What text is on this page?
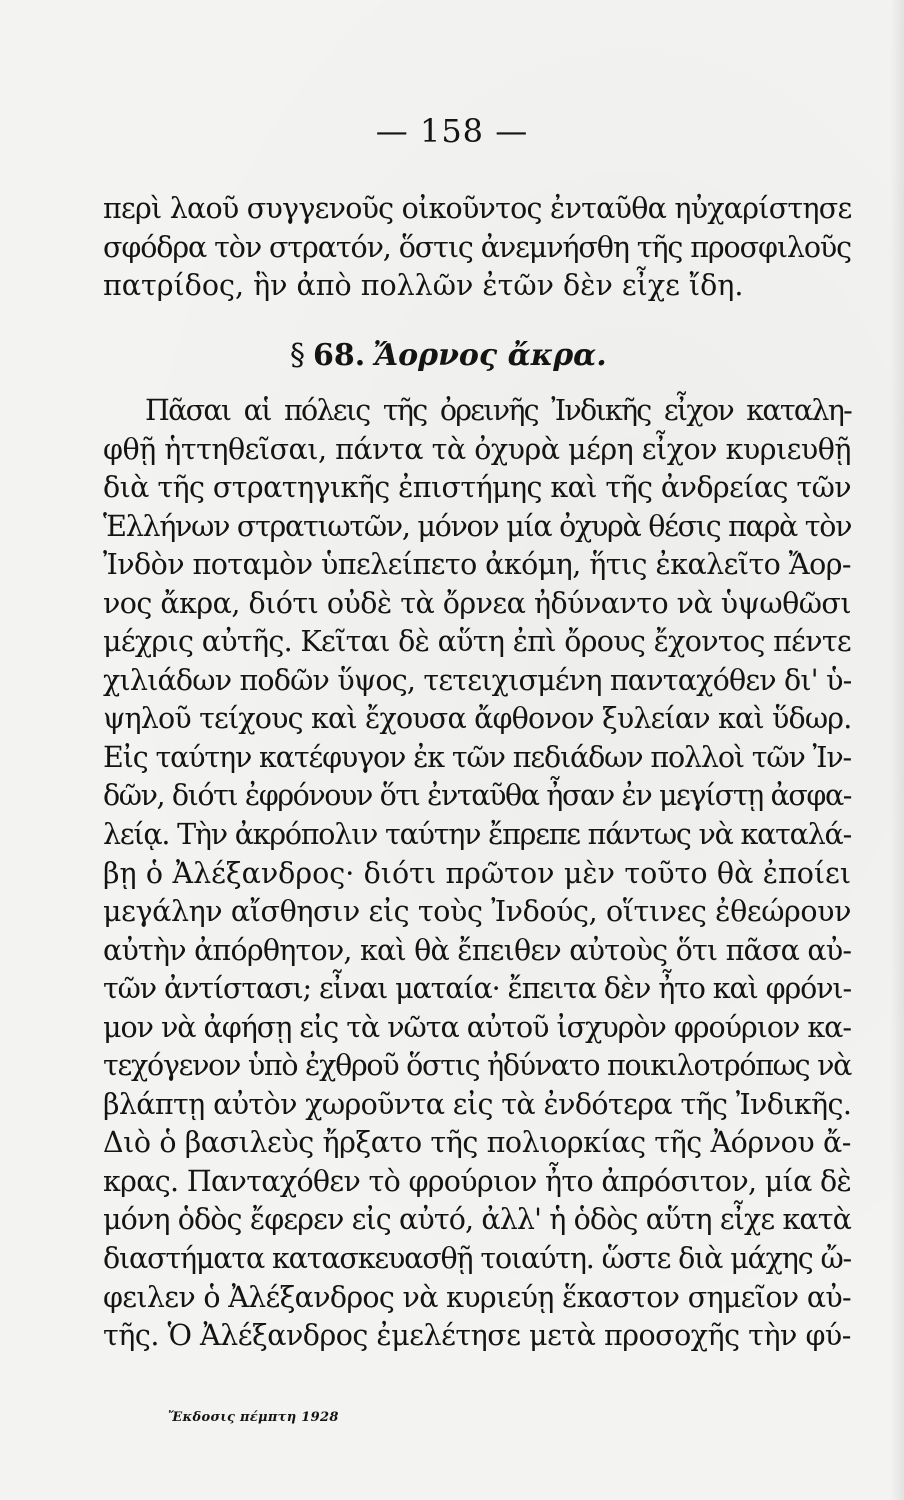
— 158 —
περὶ λαοῦ συγγενοῦς οἰκοῦντος ἐνταῦθα ηὐχαρίστησε
σφόδρα τὸν στρατόν, ὅστις ἀνεμνήσθη τῆς προσφιλοῦς
πατρίδος, ἣν ἀπὸ πολλῶν ἐτῶν δὲν εἶχε ἴδη.
§ 68. Ἄορνος ἄκρα.
Πᾶσαι αἱ πόλεις τῆς ὀρεινῆς Ἰνδικῆς εἶχον καταλη-
φθῇ ἡττηθεῖσαι, πάντα τὰ ὀχυρὰ μέρη εἶχον κυριευθῇ
διὰ τῆς στρατηγικῆς ἐπιστήμης καὶ τῆς ἀνδρείας τῶν
Ἑλλήνων στρατιωτῶν, μόνον μία ὀχυρὰ θέσις παρὰ τὸν
Ἰνδὸν ποταμὸν ὑπελείπετο ἀκόμη, ἥτις ἐκαλεῖτο Ἄορ-
νος ἄκρα, διότι οὐδὲ τὰ ὄρνεα ἠδύναντο νὰ ὑψωθῶσι
μέχρις αὐτῆς. Κεῖται δὲ αὕτη ἐπὶ ὄρους ἔχοντος πέντε
χιλιάδων ποδῶν ὕψος, τετειχισμένη πανταχόθεν δι' ὑ-
ψηλοῦ τείχους καὶ ἔχουσα ἄφθονον ξυλείαν καὶ ὕδωρ.
Εἰς ταύτην κατέφυγον ἐκ τῶν πεδιάδων πολλοὶ τῶν Ἰν-
δῶν, διότι ἐφρόνουν ὅτι ἐνταῦθα ἦσαν ἐν μεγίστῃ ἀσφα-
λείᾳ. Τὴν ἀκρόπολιν ταύτην ἔπρεπε πάντως νὰ καταλά-
βῃ ὁ Ἀλέξανδρος· διότι πρῶτον μὲν τοῦτο θὰ ἐποίει
μεγάλην αἴσθησιν εἰς τοὺς Ἰνδούς, οἵτινες ἐθεώρουν
αὐτὴν ἀπόρθητον, καὶ θὰ ἔπειθεν αὐτοὺς ὅτι πᾶσα αὐ-
τῶν ἀντίστασι; εἶναι ματαία· ἔπειτα δὲν ἦτο καὶ φρόνι-
μον νὰ ἀφήσῃ εἰς τὰ νῶτα αὐτοῦ ἰσχυρὸν φρούριον κα-
τεχόγενον ὑπὸ ἐχθροῦ ὅστις ἠδύνατο ποικιλοτρόπως νὰ
βλάπτῃ αὐτὸν χωροῦντα εἰς τὰ ἐνδότερα τῆς Ἰνδικῆς.
Διὸ ὁ βασιλεὺς ἤρξατο τῆς πολιορκίας τῆς Ἀόρνου ἄ-
κρας. Πανταχόθεν τὸ φρούριον ἦτο ἀπρόσιτον, μία δὲ
μόνη ὁδὸς ἔφερεν εἰς αὐτό, ἀλλ' ἡ ὁδὸς αὕτη εἶχε κατὰ
διαστήματα κατασκευασθῇ τοιαύτη. ὥστε διὰ μάχης ὤ-
φειλεν ὁ Ἀλέξανδρος νὰ κυριεύῃ ἕκαστον σημεῖον αὐ-
τῆς. Ὁ Ἀλέξανδρος ἐμελέτησε μετὰ προσοχῆς τὴν φύ-
Ἔκδοσις πέμπτη 1928
